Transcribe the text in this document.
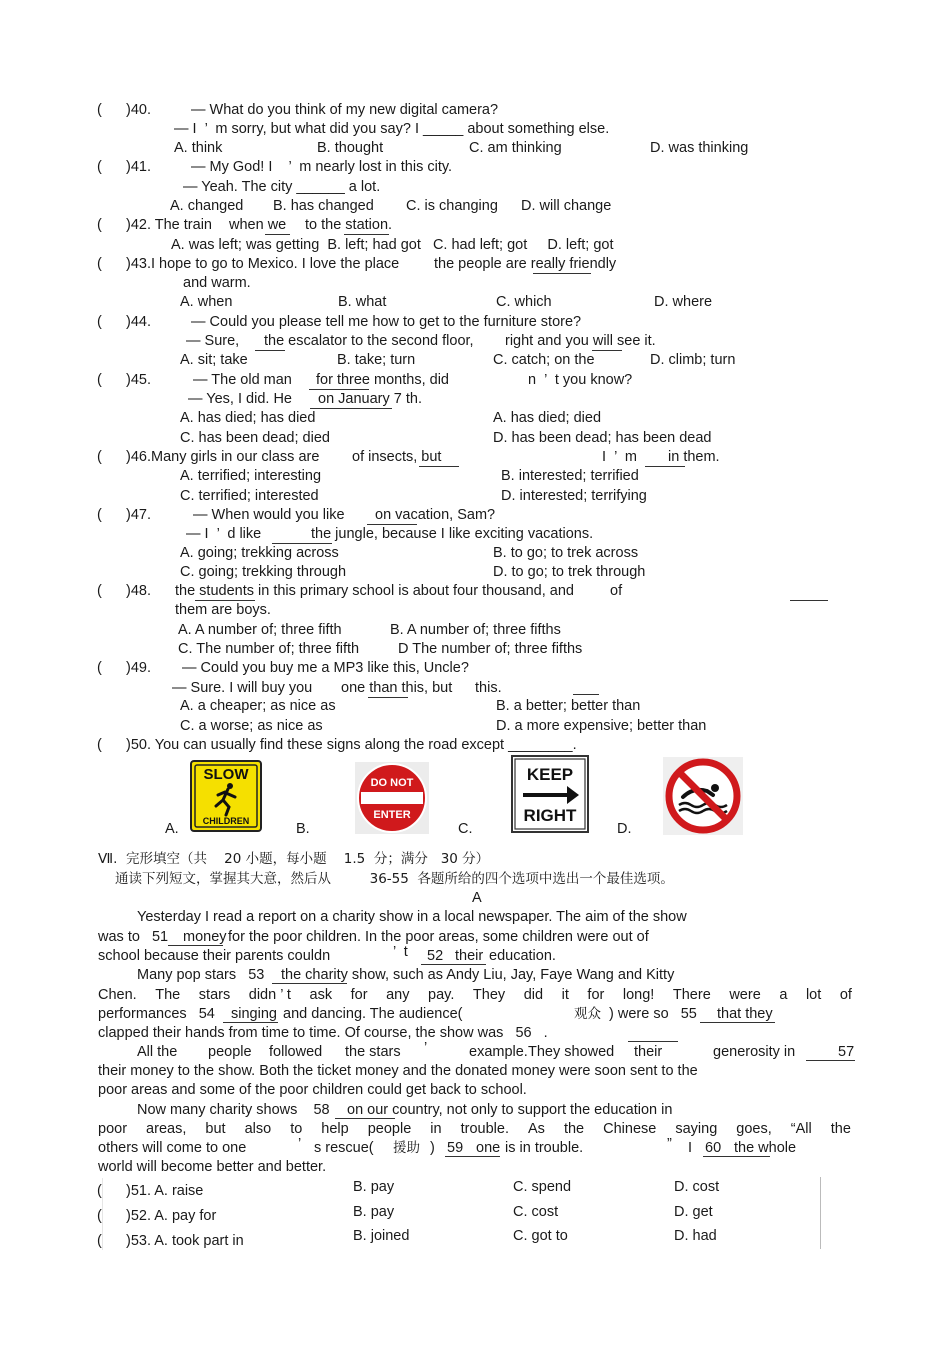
(      )40.	— What do you think of my new digital camera?
— I  ’  m sorry, but what did you say? I _____ about something else.
A. think	B. thought	C. am thinking	D. was thinking
(      )41.	— My God! I    ’  m nearly lost in this city.
— Yeah. The city ______ a lot.
A. changed B. has changed C. is changing D. will change
(      )42. The train when we to the station.
A. was left; was getting  B. left; had got   C. had left; got     D. left; got
(      )43.I hope to go to Mexico. I love the place the people are really friendly
and warm.
A. when	B. what	C. which	D. where
(      )44.	— Could you please tell me how to get to the furniture store?
— Sure, the escalator to the second floor, right and you will see it.
A. sit; take	B. take; turn	C. catch; on the	D. climb; turn
(      )45.	— The old man for three months, did	n  ’  t you know?
— Yes, I did. He on January 7 th.
A. has died; has died	A. has died; died
C. has been dead; died	D. has been dead; has been dead
(      )46.Many girls in our class are of insects, but	I  ’  m in them.
A. terrified; interesting	B. interested; terrified
C. terrified; interested	D. interested; terrifying
(      )47.	— When would you like on vacation, Sam?
— I  ’  d like	the jungle, because I like exciting vacations.
A. going; trekking across	B. to go; to trek across
C. going; trekking through	D. to go; to trek through
(      )48. the students in this primary school is about four thousand, and of
them are boys.
A. A number of; three fifth	B. A number of; three fifths
C. The number of; three fifth	D The number of; three fifths
(      )49. — Could you buy me a MP3 like this, Uncle?
— Sure. I will buy you one than this, but this.
A. a cheaper; as nice as	B. a better; better than
C. a worse; as nice as	D. a more expensive; better than
(      )50. You can usually find these signs along the road except ________.
SLOW
CHILDREN
A.
DO NOT
ENTER
B.
KEEP
RIGHT
C.	D.
Ⅶ.  完形填空（共    20 小题，每小题    1.5  分；满分   30 分）
通读下列短文，掌握其大意，然后从         36-55  各题所给的四个选项中选出一个最佳选项。
A
Yesterday I read a report on a charity show in a local newspaper. The aim of the show
was to   51 money for the poor children. In the poor areas, some children were out of
school because their parents couldn	’  t 52 their education.
Many pop stars   53 the charity show, such as Andy Liu, Jay, Faye Wang and Kitty
Chen. The stars didn ’ t ask for any pay. They did it for long! There were a lot of
performances   54 singing and dancing. The audience(	观众 ) were so   55 that they
clapped their hands from time to time. Of course, the show was   56   .
All the people followed the stars ’	example. They showed their	generosity in	57
their money to the show. Both the ticket money and the donated money were soon sent to the
poor areas and some of the poor children could get back to school.
Now many charity shows    58 on our country, not only to support the education in
poor areas, but also to help people in trouble. As the Chinese saying goes, “All the
others will come to one	’ s rescue( 援助 ) 59 one is in trouble.	” I 60 the whole
world will become better and better.
(      )51. A. raise	B. pay	C. spend	D. cost
(      )52. A. pay for	B. pay	C. cost	D. get
(      )53. A. took part in	B. joined	C. got to	D. had
